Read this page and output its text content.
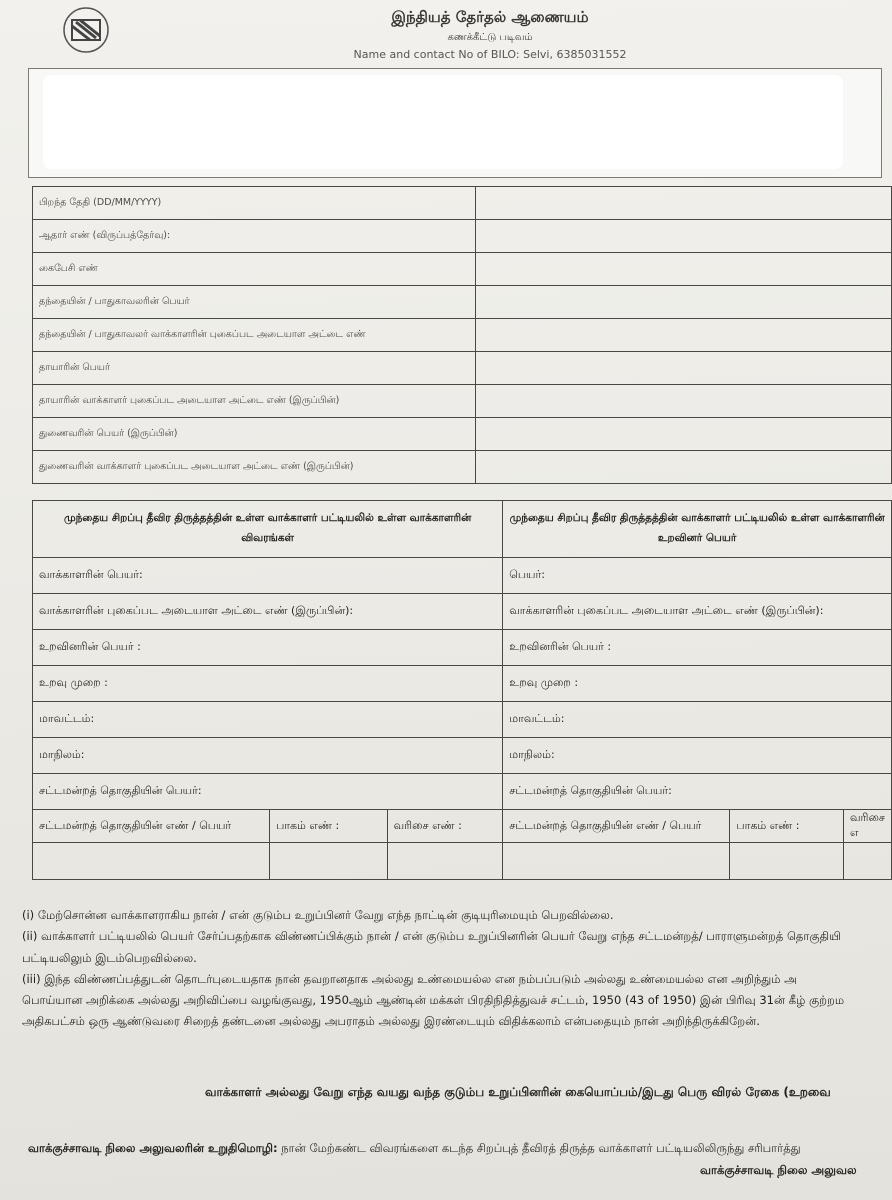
இந்தியத் தேர்தல் ஆணையம்
கணக்கீட்டு படிவம்
Name and contact No of BILO: Selvi, 6385031552
பிறந்த தேதி (DD/MM/YYYY)	
ஆதார் எண் (விருப்பத்தேர்வு):	
கைபேசி எண்	
தந்தையின் / பாதுகாவலரின் பெயர்	
தந்தையின் / பாதுகாவலர் வாக்காளரின் புகைப்பட அடையாள அட்டை எண்	
தாயாரின் பெயர்	
தாயாரின் வாக்காளர் புகைப்பட அடையாள அட்டை எண் (இருப்பின்)	
துணைவரின் பெயர் (இருப்பின்)	
துணைவரின் வாக்காளர் புகைப்பட அடையாள அட்டை எண் (இருப்பின்)	
முந்தைய சிறப்பு தீவிர திருத்தத்தின் உள்ள வாக்காளர் பட்டியலில் உள்ள வாக்காளரின் விவரங்கள்			முந்தைய சிறப்பு தீவிர திருத்தத்தின் வாக்காளர் பட்டியலில் உள்ள வாக்காளரின் உறவினர் பெயர்		
வாக்காளரின் பெயர்:			பெயர்:		
வாக்காளரின் புகைப்பட அடையாள அட்டை எண் (இருப்பின்):			வாக்காளரின் புகைப்பட அடையாள அட்டை எண் (இருப்பின்):		
உறவினரின் பெயர் :			உறவினரின் பெயர் :		
உறவு முறை :			உறவு முறை :		
மாவட்டம்:			மாவட்டம்:		
மாநிலம்:			மாநிலம்:		
சட்டமன்றத் தொகுதியின் பெயர்:			சட்டமன்றத் தொகுதியின் பெயர்:		
சட்டமன்றத் தொகுதியின் எண் / பெயர்	பாகம் எண் :	வரிசை எண் :	சட்டமன்றத் தொகுதியின் எண் / பெயர்	பாகம் எண் :	வரிசை எ

(i) மேற்சொன்ன வாக்காளராகிய நான் / என் குடும்ப உறுப்பினர் வேறு எந்த நாட்டின் குடியுரிமையும் பெறவில்லை.

(ii) வாக்காளர் பட்டியலில் பெயர் சேர்ப்பதற்காக விண்ணப்பிக்கும் நான் / என் குடும்ப உறுப்பினரின் பெயர் வேறு எந்த சட்டமன்றத்/ பாராளுமன்றத் தொகுதியி

பட்டியலிலும் இடம்பெறவில்லை.

(iii) இந்த விண்ணப்பத்துடன் தொடர்புடையதாக நான் தவறானதாக அல்லது உண்மையல்ல என நம்பப்படும் அல்லது உண்மையல்ல என அறிந்தும் அ

பொய்யான அறிக்கை அல்லது அறிவிப்பை வழங்குவது, 1950ஆம் ஆண்டின் மக்கள் பிரதிநிதித்துவச் சட்டம், 1950 (43 of 1950) இன் பிரிவு 31ன் கீழ் குற்றம

அதிகபட்சம் ஒரு ஆண்டுவரை சிறைத் தண்டனை அல்லது அபராதம் அல்லது இரண்டையும் விதிக்கலாம் என்பதையும் நான் அறிந்திருக்கிறேன்.

வாக்காளர் அல்லது வேறு எந்த வயது வந்த குடும்ப உறுப்பினரின் கையொப்பம்/இடது பெரு விரல் ரேகை (உறவை
வாக்குச்சாவடி நிலை அலுவலரின் உறுதிமொழி: நான் மேற்கண்ட விவரங்களை கடந்த சிறப்புத் தீவிரத் திருத்த வாக்காளர் பட்டியலிலிருந்து சரிபார்த்து
வாக்குச்சாவடி நிலை அலுவல
